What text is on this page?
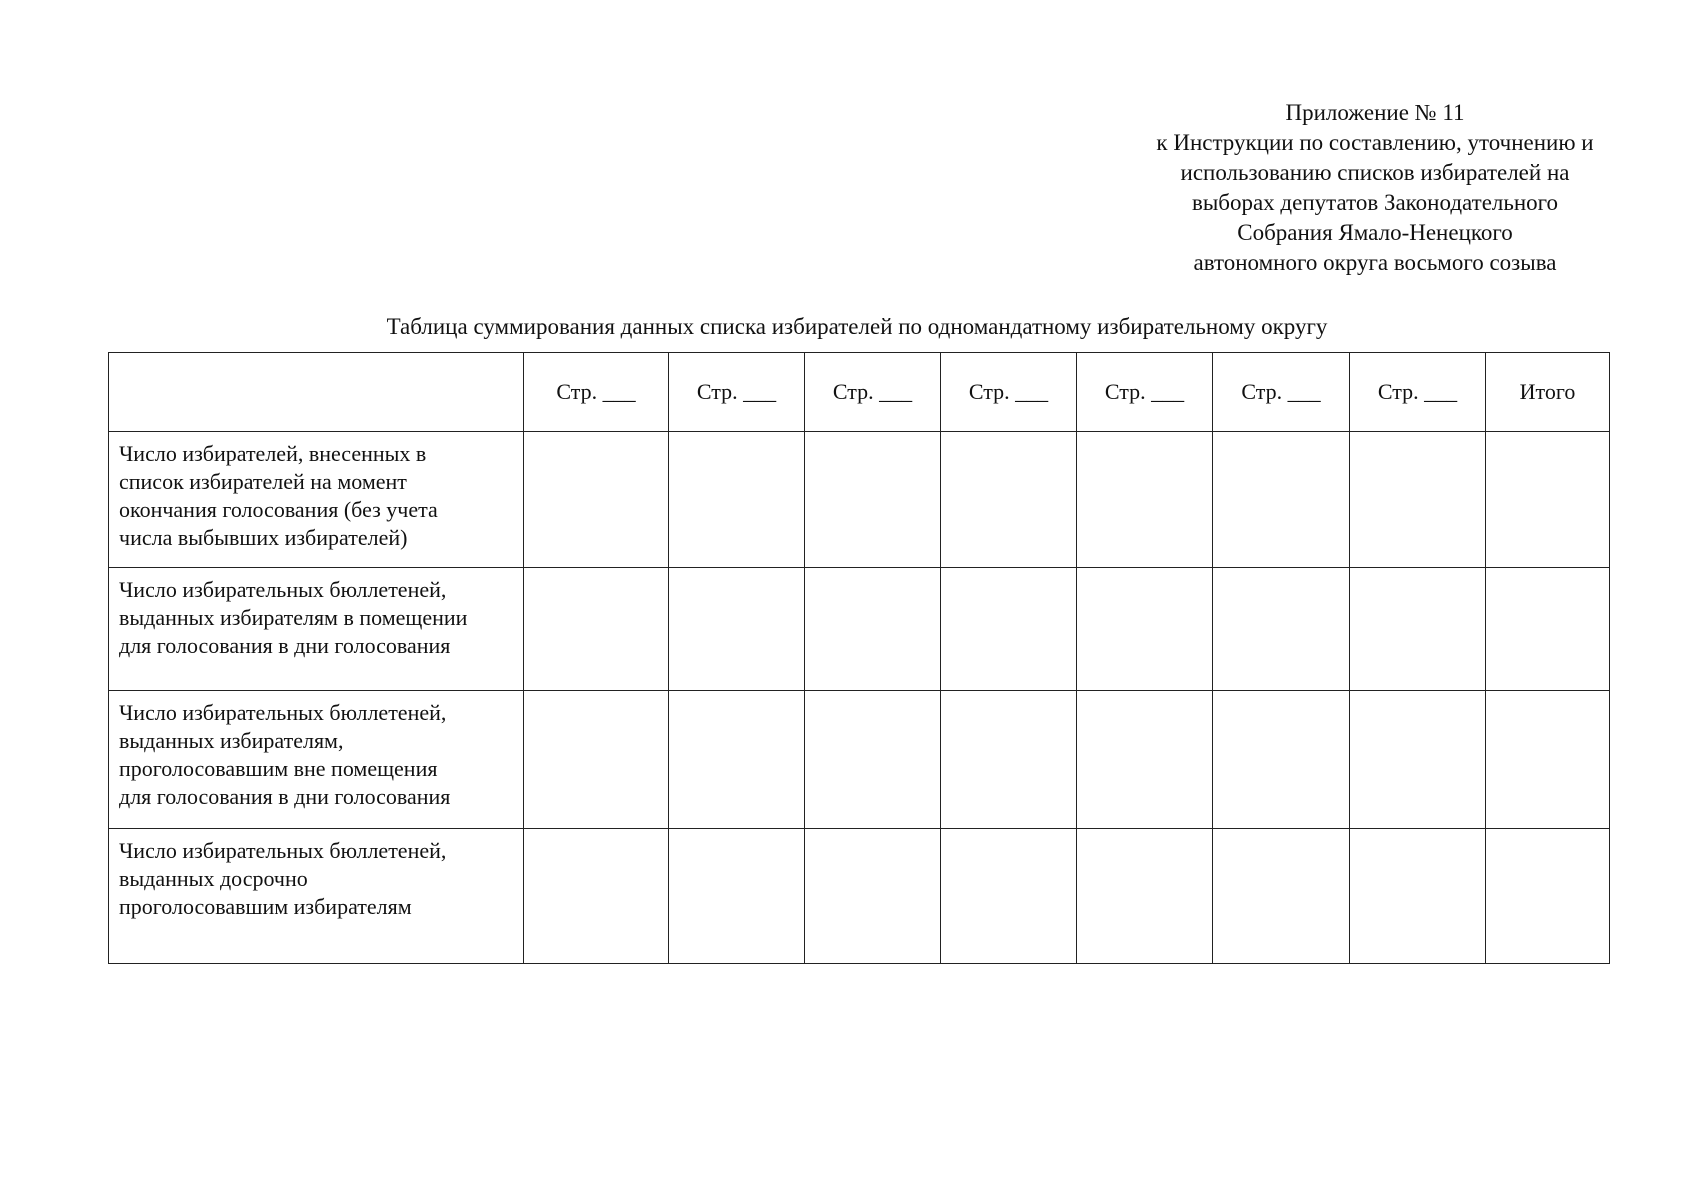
Приложение № 11
к Инструкции по составлению, уточнению и
использованию списков избирателей на
выборах депутатов Законодательного
Собрания Ямало-Ненецкого
автономного округа восьмого созыва
Таблица суммирования данных списка избирателей по одномандатному избирательному округу
	Стр. ___	Стр. ___	Стр. ___	Стр. ___	Стр. ___	Стр. ___	Стр. ___	Итого

Число избирателей, внесенных в
список избирателей на момент
окончания голосования (без учета
числа выбывших избирателей)								

Число избирательных бюллетеней,
выданных избирателям в помещении
для голосования в дни голосования								

Число избирательных бюллетеней,
выданных избирателям,
проголосовавшим вне помещения
для голосования в дни голосования								

Число избирательных бюллетеней,
выданных досрочно
проголосовавшим избирателям								
